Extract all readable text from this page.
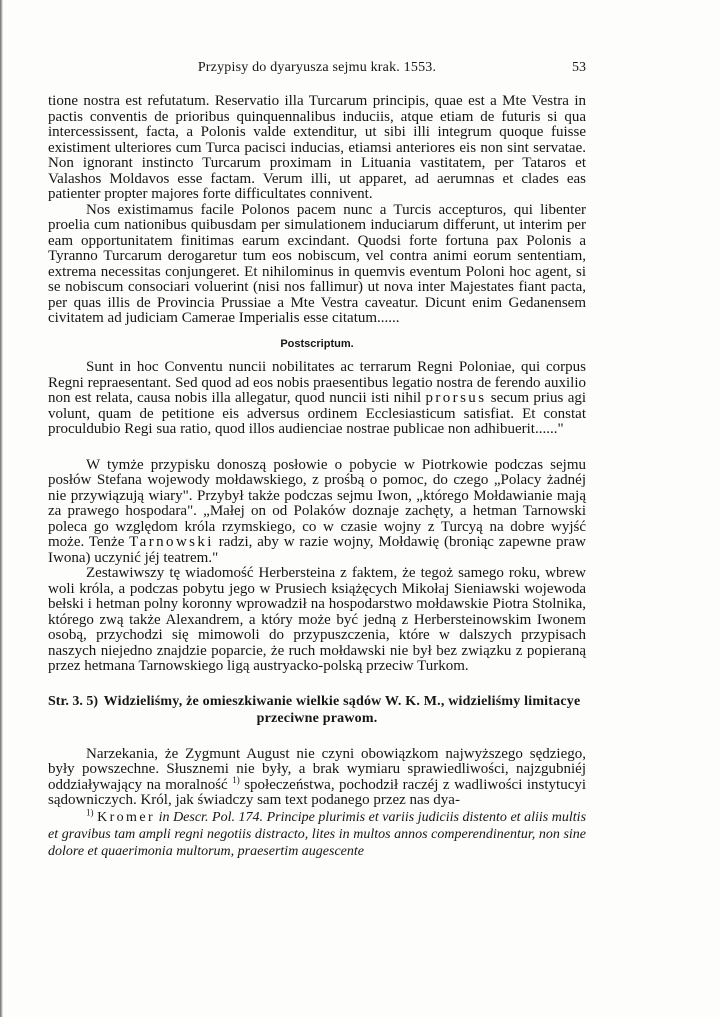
Przypisy do dyaryusza sejmu krak. 1553.	53

tione nostra est refutatum. Reservatio illa Turcarum principis, quae est a Mte Vestra in pactis conventis de prioribus quinquennalibus induciis, atque etiam de futuris si qua intercessissent, facta, a Polonis valde extenditur, ut sibi illi integrum quoque fuisse existiment ulteriores cum Turca pacisci inducias, etiamsi anteriores eis non sint servatae. Non ignorant instincto Turcarum proximam in Lituania vastitatem, per Tataros et Valashos Moldavos esse factam. Verum illi, ut apparet, ad aerumnas et clades eas patienter propter majores forte difficultates connivent.

Nos existimamus facile Polonos pacem nunc a Turcis accepturos, qui libenter proelia cum nationibus quibusdam per simulationem induciarum differunt, ut interim per eam opportunitatem finitimas earum excindant. Quodsi forte fortuna pax Polonis a Tyranno Turcarum derogaretur tum eos nobiscum, vel contra animi eorum sententiam, extrema necessitas conjungeret. Et nihilominus in quemvis eventum Poloni hoc agent, si se nobiscum consociari voluerint (nisi nos fallimur) ut nova inter Majestates fiant pacta, per quas illis de Provincia Prussiae a Mte Vestra caveatur. Dicunt enim Gedanensem civitatem ad judiciam Camerae Imperialis esse citatum......

Postscriptum.

Sunt in hoc Conventu nuncii nobilitates ac terrarum Regni Poloniae, qui corpus Regni repraesentant. Sed quod ad eos nobis praesentibus legatio nostra de ferendo auxilio non est relata, causa nobis illa allegatur, quod nuncii isti nihil prorsus secum prius agi volunt, quam de petitione eis adversus ordinem Ecclesiasticum satisfiat. Et constat proculdubio Regi sua ratio, quod illos audienciae nostrae publicae non adhibuerit......"

W tymże przypisku donoszą posłowie o pobycie w Piotrkowie podczas sejmu posłów Stefana wojewody mołdawskiego, z prośbą o pomoc, do czego „Polacy żadnéj nie przywiązują wiary". Przybył także podczas sejmu Iwon, „którego Mołdawianie mają za prawego hospodara". „Małej on od Polaków doznaje zachęty, a hetman Tarnowski poleca go względom króla rzymskiego, co w czasie wojny z Turcyą na dobre wyjść może. Tenże Tarnowski radzi, aby w razie wojny, Mołdawię (broniąc zapewne praw Iwona) uczynić jéj teatrem."

Zestawiwszy tę wiadomość Herbersteina z faktem, że tegoż samego roku, wbrew woli króla, a podczas pobytu jego w Prusiech książęcych Mikołaj Sieniawski wojewoda bełski i hetman polny koronny wprowadził na hospodarstwo mołdawskie Piotra Stolnika, którego zwą także Alexandrem, a który może być jedną z Herbersteinowskim Iwonem osobą, przychodzi się mimowoli do przypuszczenia, które w dalszych przypisach naszych niejedno znajdzie poparcie, że ruch mołdawski nie był bez związku z popieraną przez hetmana Tarnowskiego ligą austryacko-polską przeciw Turkom.

Str. 3. 5) Widzieliśmy, że omieszkiwanie wielkie sądów W. K. M., widzieliśmy limitacye przeciwne prawom.

Narzekania, że Zygmunt August nie czyni obowiązkom najwyższego sędziego, były powszechne. Słusznemi nie były, a brak wymiaru sprawiedliwości, najzgubniéj oddziaływający na moralność $^{1)}$ społeczeństwa, pochodził raczéj z wadliwości instytucyi sądowniczych. Król, jak świadczy sam text podanego przez nas dya-

$^{1)}$ Kromer in Descr. Pol. 174. Principe plurimis et variis judiciis distento et aliis multis et gravibus tam ampli regni negotiis distracto, lites in multos annos comperendinentur, non sine dolore et quaerimonia multorum, praesertim augescente
